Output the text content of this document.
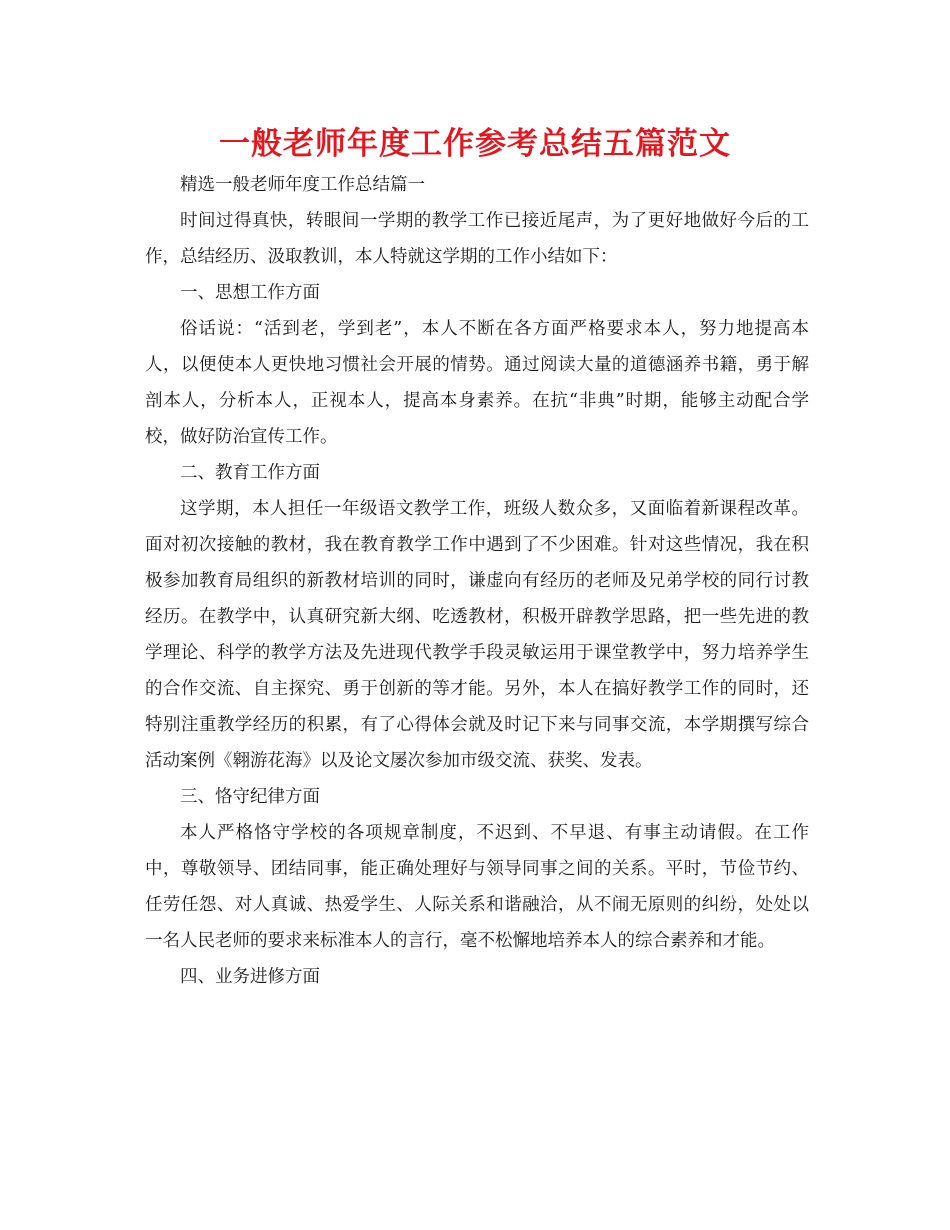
一般老师年度工作参考总结五篇范文

精选一般老师年度工作总结篇一

时间过得真快，转眼间一学期的教学工作已接近尾声，为了更好地做好今后的工作，总结经历、汲取教训，本人特就这学期的工作小结如下：

一、思想工作方面

俗话说：“活到老，学到老”，本人不断在各方面严格要求本人，努力地提高本人，以便使本人更快地习惯社会开展的情势。通过阅读大量的道德涵养书籍，勇于解剖本人，分析本人，正视本人，提高本身素养。在抗“非典”时期，能够主动配合学校，做好防治宣传工作。

二、教育工作方面

这学期，本人担任一年级语文教学工作，班级人数众多，又面临着新课程改革。面对初次接触的教材，我在教育教学工作中遇到了不少困难。针对这些情况，我在积极参加教育局组织的新教材培训的同时，谦虚向有经历的老师及兄弟学校的同行讨教经历。在教学中，认真研究新大纲、吃透教材，积极开辟教学思路，把一些先进的教学理论、科学的教学方法及先进现代教学手段灵敏运用于课堂教学中，努力培养学生的合作交流、自主探究、勇于创新的等才能。另外，本人在搞好教学工作的同时，还特别注重教学经历的积累，有了心得体会就及时记下来与同事交流，本学期撰写综合活动案例《翱游花海》以及论文屡次参加市级交流、获奖、发表。

三、恪守纪律方面

本人严格恪守学校的各项规章制度，不迟到、不早退、有事主动请假。在工作中，尊敬领导、团结同事，能正确处理好与领导同事之间的关系。平时，节俭节约、任劳任怨、对人真诚、热爱学生、人际关系和谐融洽，从不闹无原则的纠纷，处处以一名人民老师的要求来标准本人的言行，毫不松懈地培养本人的综合素养和才能。

四、业务进修方面
